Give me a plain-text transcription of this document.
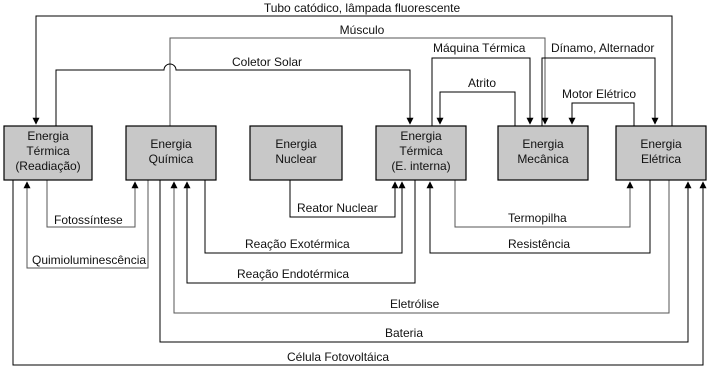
Energia
Térmica
(Readiação)
Energia
Química
Energia
Nuclear
Energia
Térmica
(E. interna)
Energia
Mecânica
Energia
Elétrica
Tubo catódico, lâmpada fluorescente
Músculo
Máquina Térmica Dínamo, Alternador
Coletor Solar
Atrito
Motor Elétrico
Fotossíntese
Reator Nuclear
Termopilha
Quimioluminescência
Reação Exotérmica	Resistência
Reação Endotérmica
Eletrólise
Bateria
Célula Fotovoltáica
